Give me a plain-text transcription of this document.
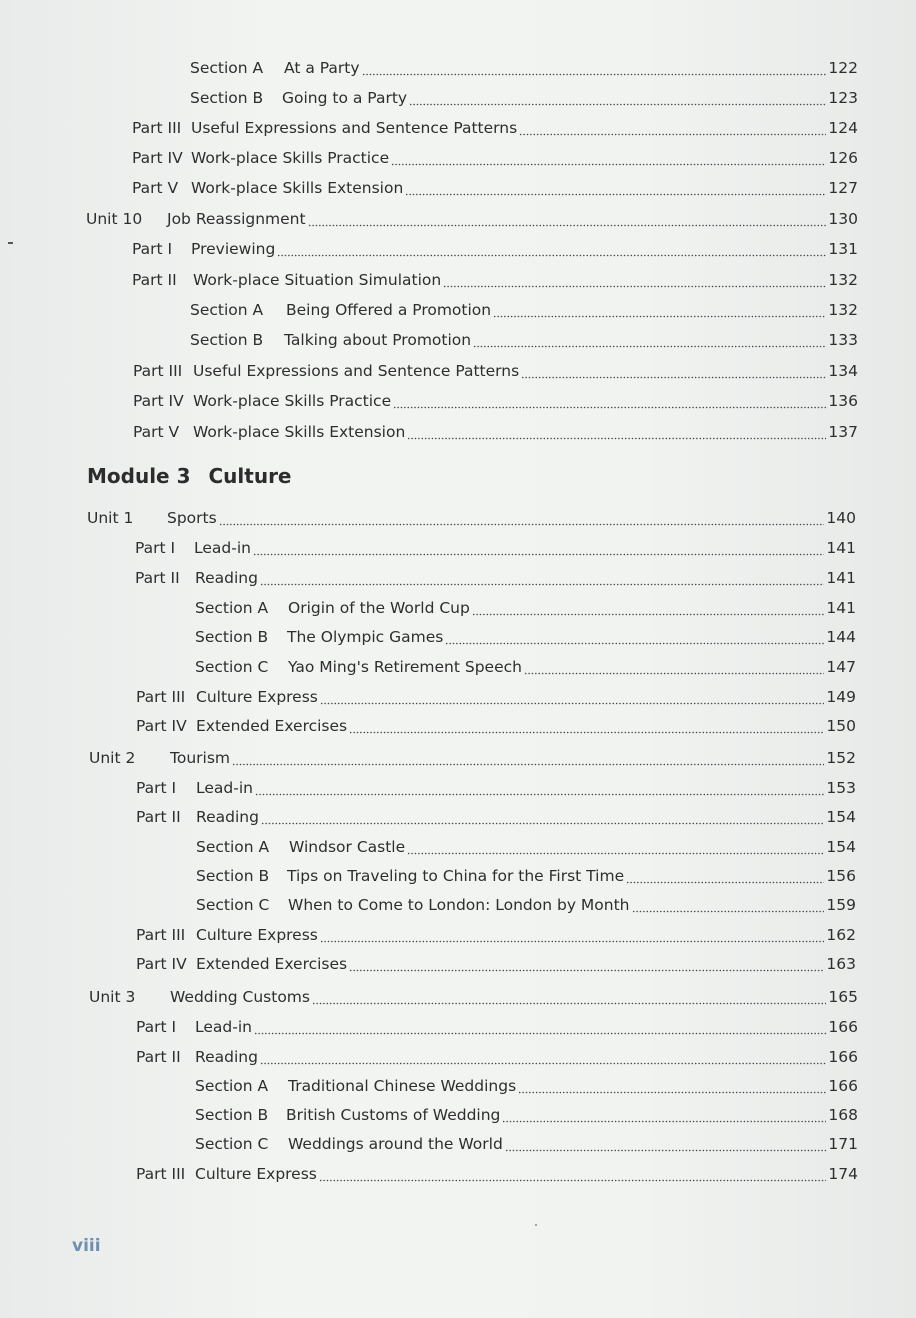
Section A	At a Party	122
Section B	Going to a Party	123
Part III Useful Expressions and Sentence Patterns	124
Part IV Work-place Skills Practice	126
Part V Work-place Skills Extension	127
Unit 10	Job Reassignment	130
Part I	Previewing	131
Part II	Work-place Situation Simulation	132
Section A	Being Offered a Promotion	132
Section B	Talking about Promotion	133
Part III Useful Expressions and Sentence Patterns	134
Part IV Work-place Skills Practice	136
Part V Work-place Skills Extension	137
Unit 1	Sports	140
Part I	Lead-in	141
Part II Reading	141
Section A	Origin of the World Cup	141
Section B	The Olympic Games	144
Section C	Yao Ming's Retirement Speech	147
Part III Culture Express	149
Part IV Extended Exercises	150
Unit 2	Tourism	152
Part I	Lead-in	153
Part II Reading	154
Section A	Windsor Castle	154
Section B	Tips on Traveling to China for the First Time	156
Section C	When to Come to London: London by Month	159
Part III Culture Express	162
Part IV Extended Exercises	163
Unit 3	Wedding Customs	165
Part I	Lead-in	166
Part II Reading	166
Section A	Traditional Chinese Weddings	166
Section B	British Customs of Wedding	168
Section C	Weddings around the World	171
Part III Culture Express	174
Module 3 Culture
viii
